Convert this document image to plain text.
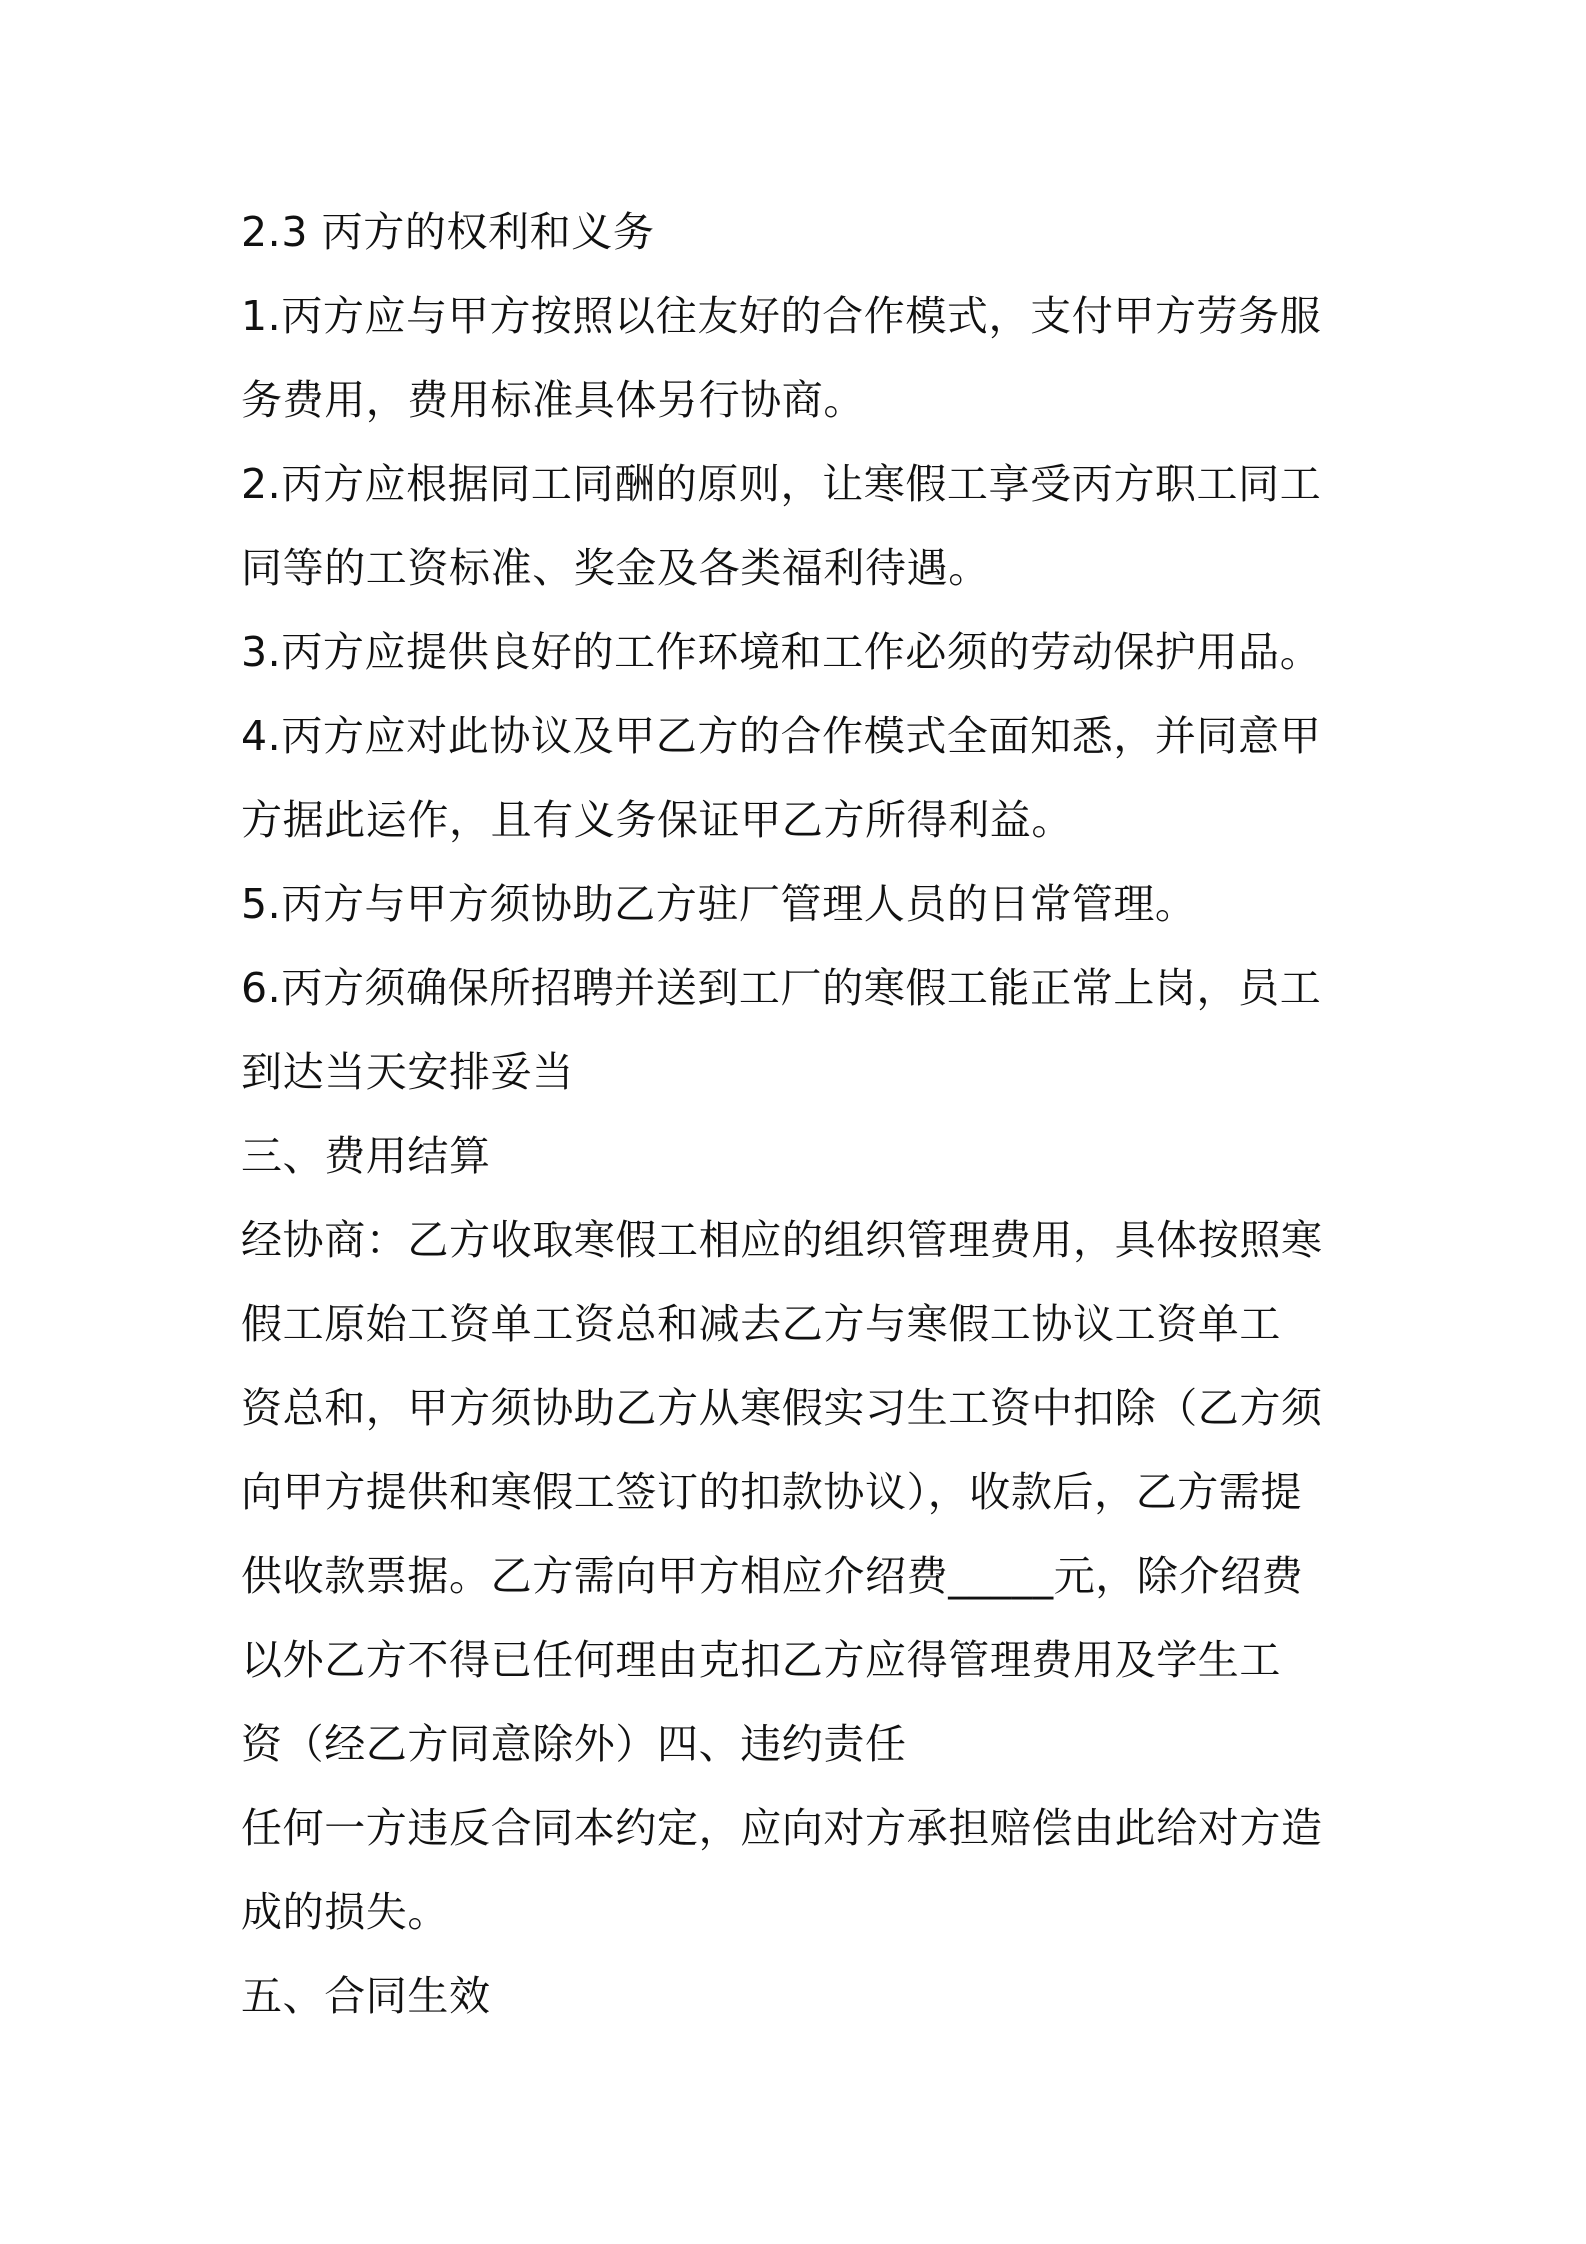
2.3 丙方的权利和义务
1.丙方应与甲方按照以往友好的合作模式，支付甲方劳务服
务费用，费用标准具体另行协商。
2.丙方应根据同工同酬的原则，让寒假工享受丙方职工同工
同等的工资标准、奖金及各类福利待遇。
3.丙方应提供良好的工作环境和工作必须的劳动保护用品。
4.丙方应对此协议及甲乙方的合作模式全面知悉，并同意甲
方据此运作，且有义务保证甲乙方所得利益。
5.丙方与甲方须协助乙方驻厂管理人员的日常管理。
6.丙方须确保所招聘并送到工厂的寒假工能正常上岗，员工
到达当天安排妥当
三、费用结算
经协商：乙方收取寒假工相应的组织管理费用，具体按照寒
假工原始工资单工资总和减去乙方与寒假工协议工资单工
资总和，甲方须协助乙方从寒假实习生工资中扣除（乙方须
向甲方提供和寒假工签订的扣款协议），收款后，乙方需提
供收款票据。乙方需向甲方相应介绍费_____元，除介绍费
以外乙方不得已任何理由克扣乙方应得管理费用及学生工
资（经乙方同意除外）四、违约责任
任何一方违反合同本约定，应向对方承担赔偿由此给对方造
成的损失。
五、合同生效
